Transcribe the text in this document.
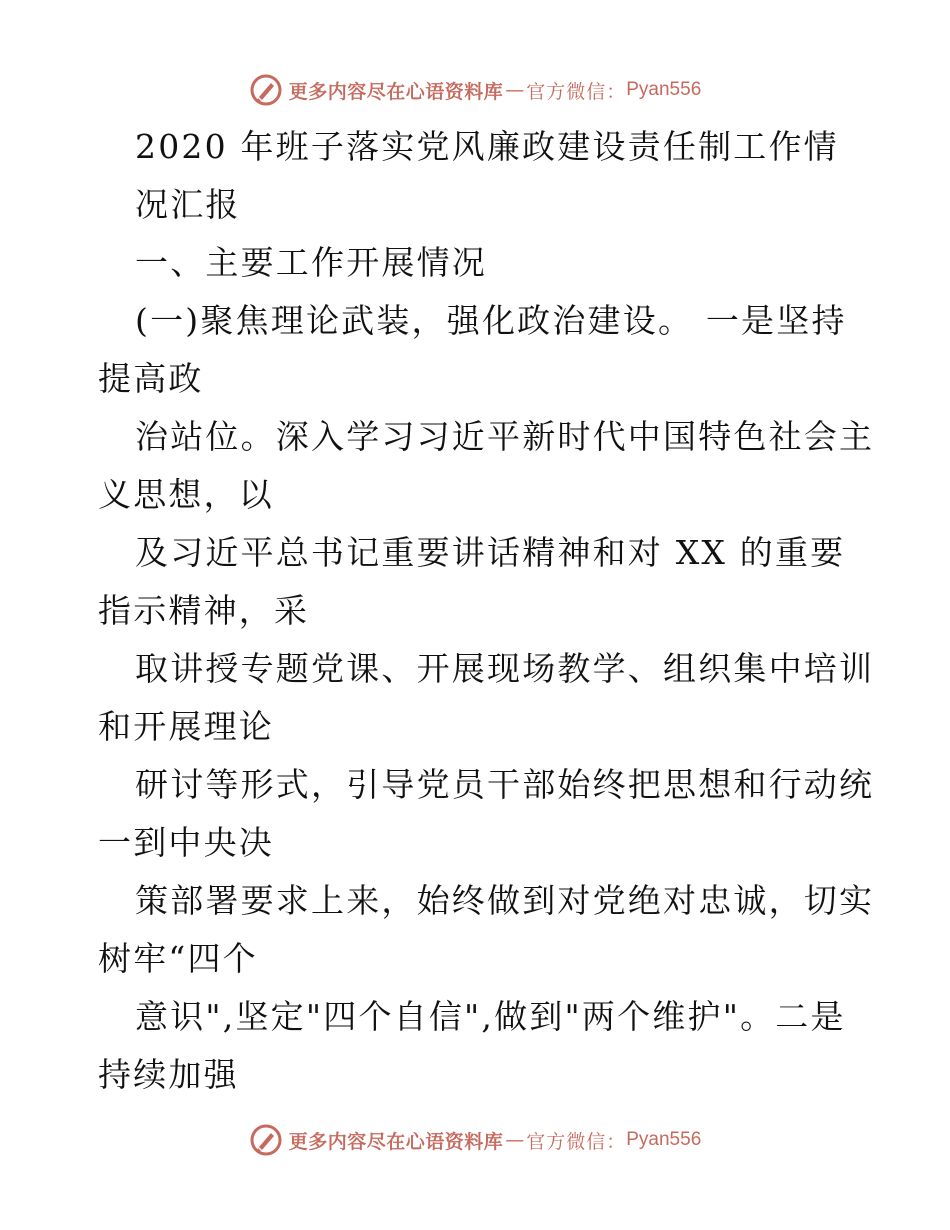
更多内容尽在心语资料库 — 官方微信： Pyan556
2020 年班子落实党风廉政建设责任制工作情
况汇报
一、主要工作开展情况
(一)聚焦理论武装，强化政治建设。 一是坚持
提高政
治站位。深入学习习近平新时代中国特色社会主
义思想，以
及习近平总书记重要讲话精神和对 XX 的重要
指示精神，采
取讲授专题党课、开展现场教学、组织集中培训
和开展理论
研讨等形式，引导党员干部始终把思想和行动统
一到中央决
策部署要求上来，始终做到对党绝对忠诚，切实
树牢“四个
意识",坚定"四个自信",做到"两个维护"。二是
持续加强
更多内容尽在心语资料库 — 官方微信： Pyan556
